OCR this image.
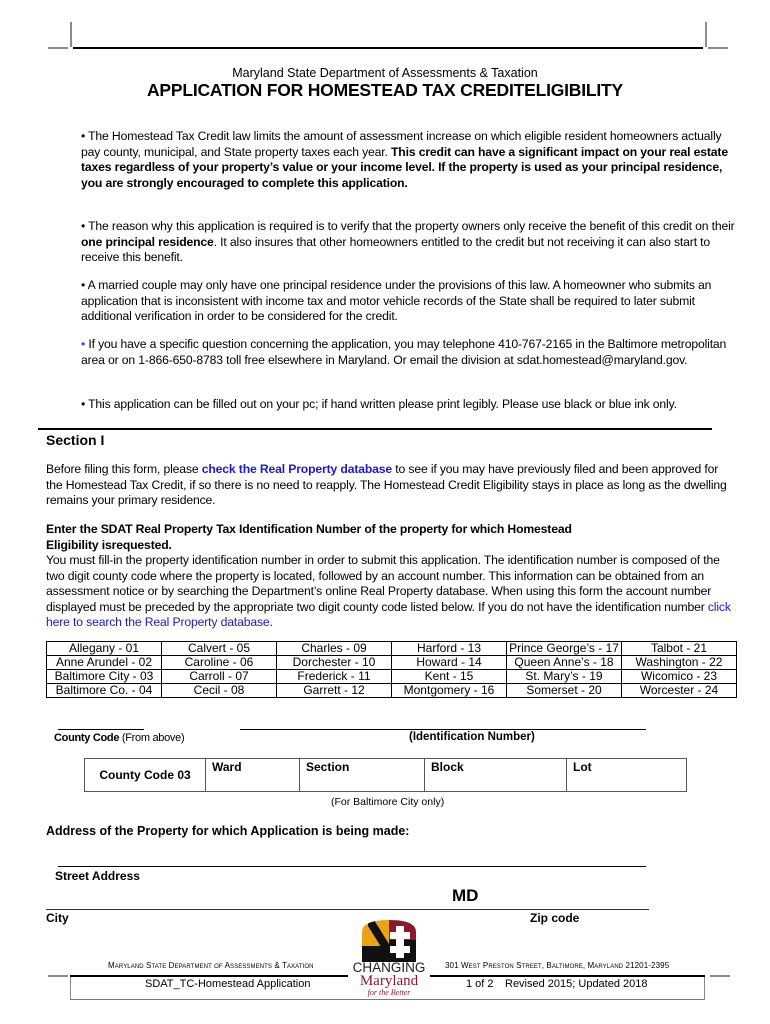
Maryland State Department of Assessments & Taxation
APPLICATION FOR HOMESTEAD TAX CREDITELIGIBILITY
• The Homestead Tax Credit law limits the amount of assessment increase on which eligible resident homeowners actually pay county, municipal, and State property taxes each year. This credit can have a significant impact on your real estate taxes regardless of your property’s value or your income level. If the property is used as your principal residence, you are strongly encouraged to complete this application.
• The reason why this application is required is to verify that the property owners only receive the benefit of this credit on their one principal residence. It also insures that other homeowners entitled to the credit but not receiving it can also start to receive this benefit.
• A married couple may only have one principal residence under the provisions of this law. A homeowner who submits an application that is inconsistent with income tax and motor vehicle records of the State shall be required to later submit additional verification in order to be considered for the credit.
• If you have a specific question concerning the application, you may telephone 410-767-2165 in the Baltimore metropolitan area or on 1-866-650-8783 toll free elsewhere in Maryland. Or email the division at sdat.homestead@maryland.gov.
• This application can be filled out on your pc; if hand written please print legibly. Please use black or blue ink only.
Section I
Before filing this form, please check the Real Property database to see if you may have previously filed and been approved for the Homestead Tax Credit, if so there is no need to reapply. The Homestead Credit Eligibility stays in place as long as the dwelling remains your primary residence.
Enter the SDAT Real Property Tax Identification Number of the property for which Homestead Eligibility isrequested.
You must fill-in the property identification number in order to submit this application. The identification number is composed of the two digit county code where the property is located, followed by an account number. This information can be obtained from an assessment notice or by searching the Department’s online Real Property database. When using this form the account number displayed must be preceded by the appropriate two digit county code listed below. If you do not have the identification number click here to search the Real Property database.
Allegany - 01	Calvert - 05	Charles - 09	Harford - 13	Prince George’s - 17	Talbot - 21
Anne Arundel - 02	Caroline - 06	Dorchester - 10	Howard - 14	Queen Anne’s - 18	Washington - 22
Baltimore City - 03	Carroll - 07	Frederick - 11	Kent - 15	St. Mary’s - 19	Wicomico - 23
Baltimore Co. - 04	Cecil - 08	Garrett - 12	Montgomery - 16	Somerset - 20	Worcester - 24
County Code (From above)	(Identification Number)
County Code 03	Ward	Section	Block	Lot
(For Baltimore City only)
Address of the Property for which Application is being made:
Street Address
MD
City	Zip code
CHANGING
Maryland
for the Better
Maryland State Department of Assessments & Taxation	301 West Preston Street, Baltimore, Maryland 21201-2395
SDAT_TC-Homestead Application	1 of 2 Revised 2015; Updated 2018
